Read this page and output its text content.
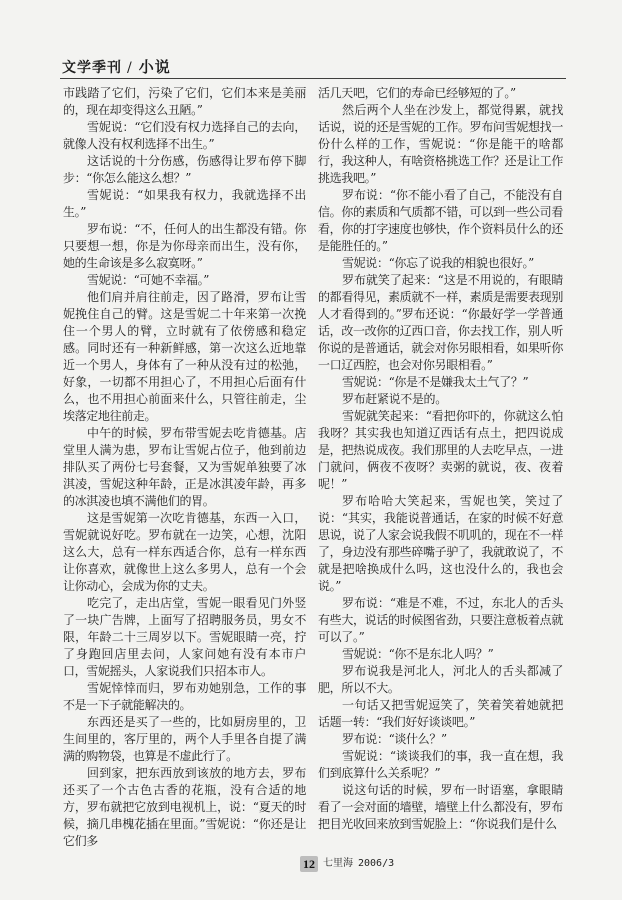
文学季刊 / 小说

市践踏了它们，污染了它们，它们本来是美丽的，现在却变得这么丑陋。”

雪妮说：“它们没有权力选择自己的去向，就像人没有权利选择不出生。”

这话说的十分伤感，伤感得让罗布停下脚步：“你怎么能这么想？”

雪妮说：“如果我有权力，我就选择不出生。”

罗布说：“不，任何人的出生都没有错。你只要想一想，你是为你母亲而出生，没有你，她的生命该是多么寂寞呀。”

雪妮说：“可她不幸福。”

他们肩并肩往前走，因了路滑，罗布让雪妮挽住自己的臂。这是雪妮二十年来第一次挽住一个男人的臂，立时就有了依傍感和稳定感。同时还有一种新鲜感，第一次这么近地靠近一个男人，身体有了一种从没有过的松弛，好象，一切都不用担心了，不用担心后面有什么，也不用担心前面来什么，只管往前走，尘埃落定地往前走。

中午的时候，罗布带雪妮去吃肯德基。店堂里人满为患，罗布让雪妮占位子，他到前边排队买了两份七号套餐，又为雪妮单独要了冰淇凌，雪妮这种年龄，正是冰淇凌年龄，再多的冰淇凌也填不满他们的胃。

这是雪妮第一次吃肯德基，东西一入口，雪妮就说好吃。罗布就在一边笑，心想，沈阳这么大，总有一样东西适合你，总有一样东西让你喜欢，就像世上这么多男人，总有一个会让你动心，会成为你的丈夫。

吃完了，走出店堂，雪妮一眼看见门外竖了一块广告牌，上面写了招聘服务员，男女不限，年龄二十三周岁以下。雪妮眼睛一亮，拧了身跑回店里去问，人家问她有没有本市户口，雪妮摇头，人家说我们只招本市人。

雪妮悻悻而归，罗布劝她别急，工作的事不是一下子就能解决的。

东西还是买了一些的，比如厨房里的，卫生间里的，客厅里的，两个人手里各自提了满满的购物袋，也算是不虚此行了。

回到家，把东西放到该放的地方去，罗布还买了一个古色古香的花瓶，没有合适的地方，罗布就把它放到电视机上，说：“夏天的时候，摘几串槐花插在里面。”雪妮说：“你还是让它们多

活几天吧，它们的寿命已经够短的了。”

然后两个人坐在沙发上，都觉得累，就找话说，说的还是雪妮的工作。罗布问雪妮想找一份什么样的工作，雪妮说：“你是能干的啥都行，我这种人，有啥资格挑选工作？还是让工作挑选我吧。”

罗布说：“你不能小看了自己，不能没有自信。你的素质和气质都不错，可以到一些公司看看，你的打字速度也够快，作个资料员什么的还是能胜任的。”

雪妮说：“你忘了说我的相貌也很好。”

罗布就笑了起来：“这是不用说的，有眼睛的都看得见，素质就不一样，素质是需要表现别人才看得到的。”罗布还说：“你最好学一学普通话，改一改你的辽西口音，你去找工作，别人听你说的是普通话，就会对你另眼相看，如果听你一口辽西腔，也会对你另眼相看。”

雪妮说：“你是不是嫌我太土气了？”

罗布赶紧说不是的。

雪妮就笑起来：“看把你吓的，你就这么怕我呀？其实我也知道辽西话有点土，把四说成是，把热说成夜。我们那里的人去吃早点，一进门就问，俩夜不夜呀？卖粥的就说，夜、夜着呢！”

罗布哈哈大笑起来，雪妮也笑，笑过了说：“其实，我能说普通话，在家的时候不好意思说，说了人家会说我假不叽叽的，现在不一样了，身边没有那些碎嘴子驴了，我就敢说了，不就是把啥换成什么吗，这也没什么的，我也会说。”

罗布说：“难是不难，不过，东北人的舌头有些大，说话的时候图省劲，只要注意板着点就可以了。”

雪妮说：“你不是东北人吗？”

罗布说我是河北人，河北人的舌头都减了肥，所以不大。

一句话又把雪妮逗笑了，笑着笑着她就把话题一转：“我们好好谈谈吧。”

罗布说：“谈什么？”

雪妮说：“谈谈我们的事，我一直在想，我们到底算什么关系呢？”

说这句话的时候，罗布一时语塞，拿眼睛看了一会对面的墙壁，墙壁上什么都没有，罗布把目光收回来放到雪妮脸上：“你说我们是什么

12 七里海 2006/3
